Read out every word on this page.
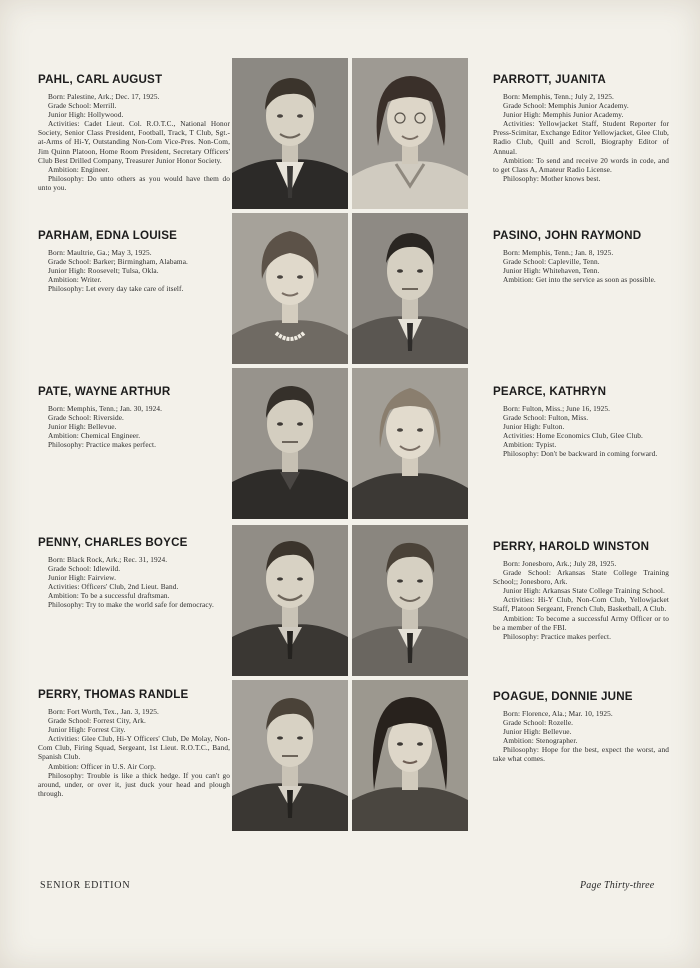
PAHL, CARL AUGUST

Born: Palestine, Ark.; Dec. 17, 1925.

Grade School: Merrill.

Junior High: Hollywood.

Activities: Cadet Lieut. Col. R.O.T.C., National Honor Society, Senior Class President, Football, Track, T Club, Sgt.-at-Arms of Hi-Y, Outstanding Non-Com Vice-Pres. Non-Com, Jim Quinn Platoon, Home Room President, Secretary Officers' Club Best Drilled Company, Treasurer Junior Honor Society.

Ambition: Engineer.

Philosophy: Do unto others as you would have them do unto you.

PARROTT, JUANITA

Born: Memphis, Tenn.; July 2, 1925.

Grade School: Memphis Junior Academy.

Junior High: Memphis Junior Academy.

Activities: Yellowjacket Staff, Student Reporter for Press-Scimitar, Exchange Editor Yellowjacket, Glee Club, Radio Club, Quill and Scroll, Biography Editor of Annual.

Ambition: To send and receive 20 words in code, and to get Class A, Amateur Radio License.

Philosophy: Mother knows best.

PARHAM, EDNA LOUISE

Born: Maultrie, Ga.; May 3, 1925.

Grade School: Barker; Birmingham, Alabama.

Junior High: Roosevelt; Tulsa, Okla.

Ambition: Writer.

Philosophy: Let every day take care of itself.

PASINO, JOHN RAYMOND

Born: Memphis, Tenn.; Jan. 8, 1925.

Grade School: Capleville, Tenn.

Junior High: Whitehaven, Tenn.

Ambition: Get into the service as soon as possible.

PATE, WAYNE ARTHUR

Born: Memphis, Tenn.; Jan. 30, 1924.

Grade School: Riverside.

Junior High: Bellevue.

Ambition: Chemical Engineer.

Philosophy: Practice makes perfect.

PEARCE, KATHRYN

Born: Fulton, Miss.; June 16, 1925.

Grade School: Fulton, Miss.

Junior High: Fulton.

Activities: Home Economics Club, Glee Club.

Ambition: Typist.

Philosophy: Don't be backward in coming forward.

PENNY, CHARLES BOYCE

Born: Black Rock, Ark.; Rec. 31, 1924.

Grade School: Idlewild.

Junior High: Fairview.

Activities: Officers' Club, 2nd Lieut. Band.

Ambition: To be a successful draftsman.

Philosophy: Try to make the world safe for democracy.

PERRY, HAROLD WINSTON

Born: Jonesboro, Ark.; July 28, 1925.

Grade School: Arkansas State College Training School;; Jonesboro, Ark.

Junior High: Arkansas State College Training School.

Activities: Hi-Y Club, Non-Com Club, Yellowjacket Staff, Platoon Sergeant, French Club, Basketball, A Club.

Ambition: To become a successful Army Officer or to be a member of the FBI.

Philosophy: Practice makes perfect.

PERRY, THOMAS RANDLE

Born: Fort Worth, Tex., Jan. 3, 1925.

Grade School: Forrest City, Ark.

Junior High: Forrest City.

Activities: Glee Club, Hi-Y Officers' Club, De Molay, Non-Com Club, Firing Squad, Sergeant, 1st Lieut. R.O.T.C., Band, Spanish Club.

Ambition: Officer in U.S. Air Corp.

Philosophy: Trouble is like a thick hedge. If you can't go around, under, or over it, just duck your head and plough through.

POAGUE, DONNIE JUNE

Born: Florence, Ala.; Mar. 10, 1925.

Grade School: Rozelle.

Junior High: Bellevue.

Ambition: Stenographer.

Philosophy: Hope for the best, expect the worst, and take what comes.

SENIOR EDITION	Page Thirty-three
